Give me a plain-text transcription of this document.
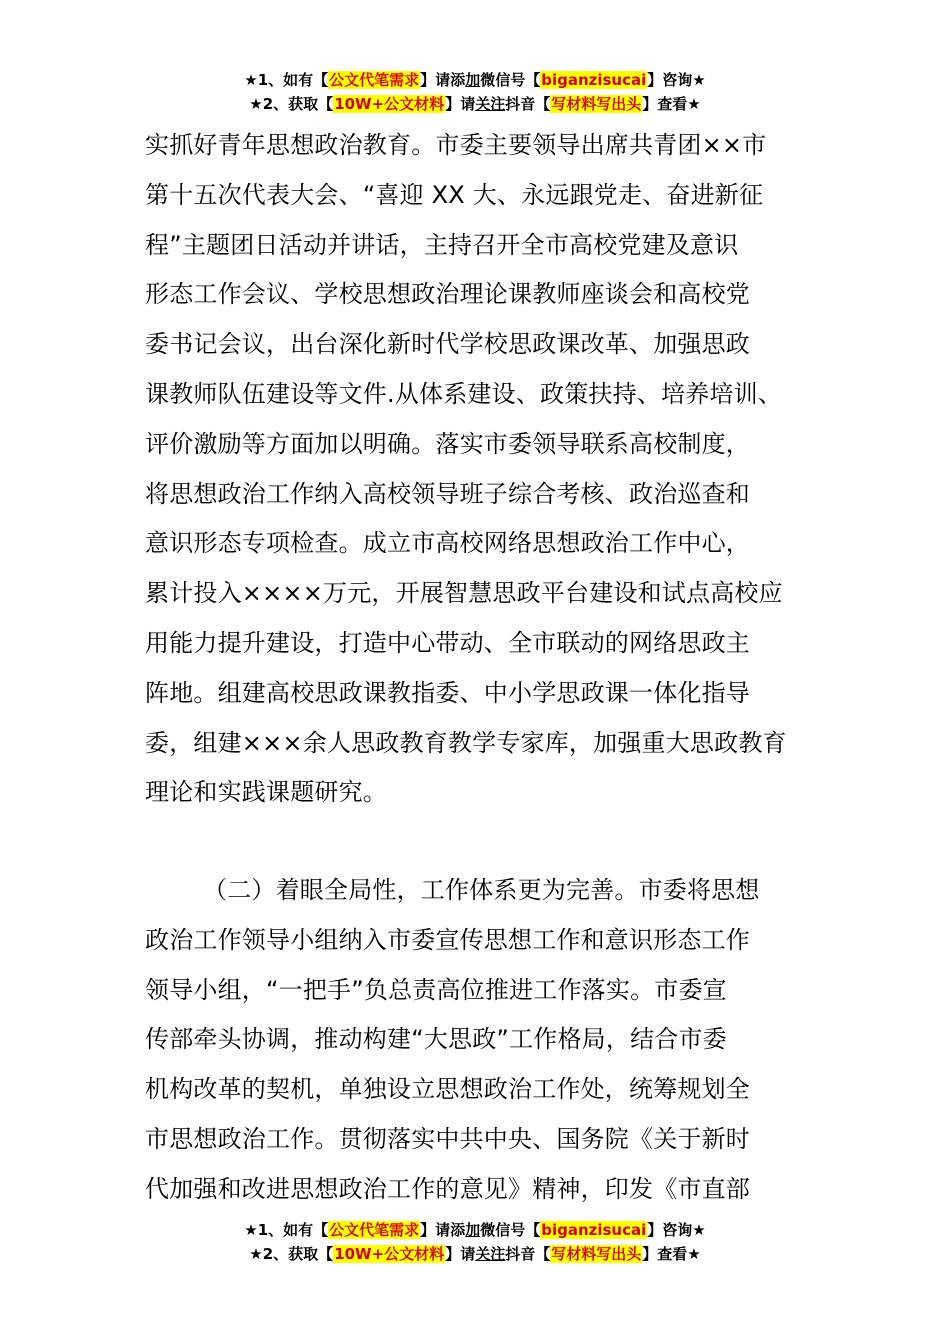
★1、如有【公文代笔需求】请添加微信号【biganzisucai】咨询★
★2、获取【10W+公文材料】请关注抖音【写材料写出头】查看★
实抓好青年思想政治教育。市委主要领导出席共青团××市
第十五次代表大会、“喜迎 XX 大、永远跟党走、奋进新征
程”主题团日活动并讲话，主持召开全市高校党建及意识
形态工作会议、学校思想政治理论课教师座谈会和高校党
委书记会议，出台深化新时代学校思政课改革、加强思政
课教师队伍建设等文件.从体系建设、政策扶持、培养培训、
评价激励等方面加以明确。落实市委领导联系高校制度，
将思想政治工作纳入高校领导班子综合考核、政治巡查和
意识形态专项检查。成立市高校网络思想政治工作中心，
累计投入××××万元，开展智慧思政平台建设和试点高校应
用能力提升建设，打造中心带动、全市联动的网络思政主
阵地。组建高校思政课教指委、中小学思政课一体化指导
委，组建×××余人思政教育教学专家库，加强重大思政教育
理论和实践课题研究。
（二）着眼全局性，工作体系更为完善。市委将思想
政治工作领导小组纳入市委宣传思想工作和意识形态工作
领导小组，“一把手”负总责高位推进工作落实。市委宣
传部牵头协调，推动构建“大思政”工作格局，结合市委
机构改革的契机，单独设立思想政治工作处，统筹规划全
市思想政治工作。贯彻落实中共中央、国务院《关于新时
代加强和改进思想政治工作的意见》精神，印发《市直部
★1、如有【公文代笔需求】请添加微信号【biganzisucai】咨询★
★2、获取【10W+公文材料】请关注抖音【写材料写出头】查看★
